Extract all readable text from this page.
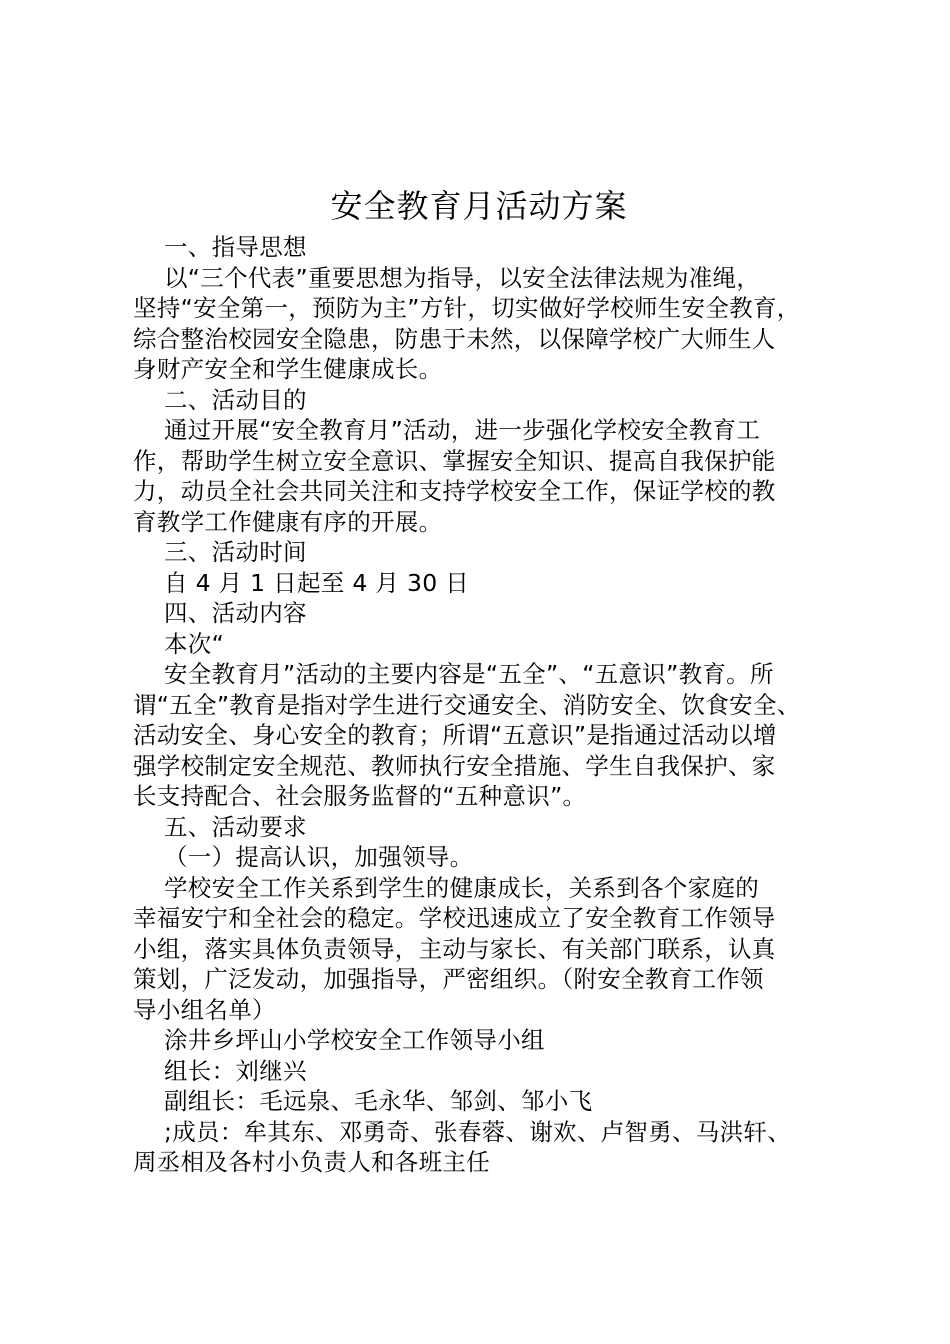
安全教育月活动方案
一、指导思想
以“三个代表”重要思想为指导，以安全法律法规为准绳，
坚持“安全第一，预防为主”方针，切实做好学校师生安全教育，
综合整治校园安全隐患，防患于未然，以保障学校广大师生人
身财产安全和学生健康成长。
二、活动目的
通过开展“安全教育月”活动，进一步强化学校安全教育工
作，帮助学生树立安全意识、掌握安全知识、提高自我保护能
力，动员全社会共同关注和支持学校安全工作，保证学校的教
育教学工作健康有序的开展。
三、活动时间
自 4 月 1 日起至 4 月 30 日
四、活动内容
本次“
安全教育月”活动的主要内容是“五全”、“五意识”教育。所
谓“五全”教育是指对学生进行交通安全、消防安全、饮食安全、
活动安全、身心安全的教育；所谓“五意识”是指通过活动以增
强学校制定安全规范、教师执行安全措施、学生自我保护、家
长支持配合、社会服务监督的“五种意识”。
五、活动要求
（一）提高认识，加强领导。
学校安全工作关系到学生的健康成长，关系到各个家庭的
幸福安宁和全社会的稳定。学校迅速成立了安全教育工作领导
小组，落实具体负责领导，主动与家长、有关部门联系，认真
策划，广泛发动，加强指导，严密组织。（附安全教育工作领
导小组名单）
涂井乡坪山小学校安全工作领导小组
组长：刘继兴
副组长：毛远泉、毛永华、邹剑、邹小飞
;成员：牟其东、邓勇奇、张春蓉、谢欢、卢智勇、马洪轩、
周丞相及各村小负责人和各班主任
